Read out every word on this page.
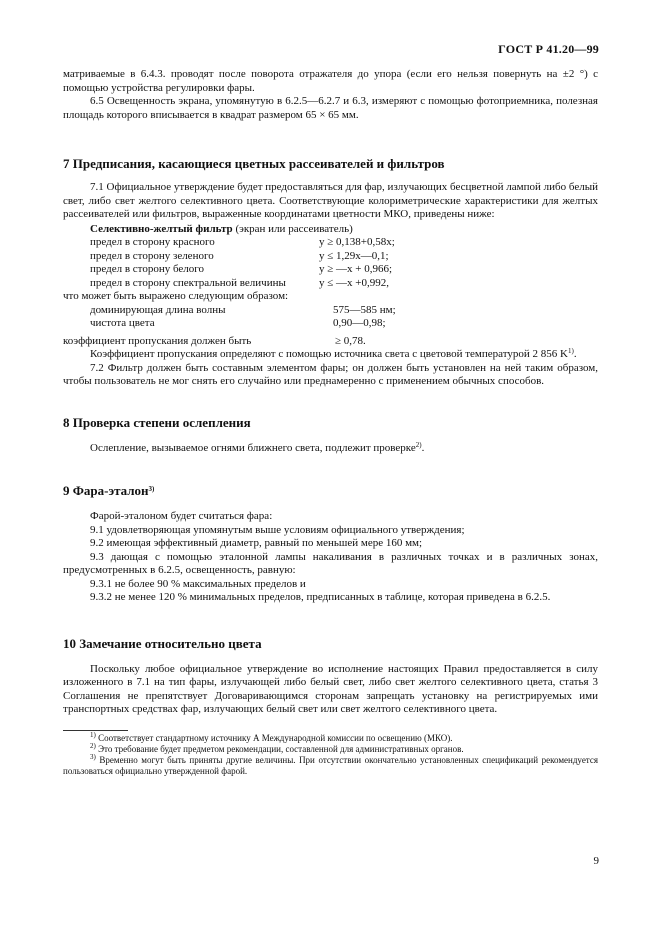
ГОСТ Р 41.20—99

матриваемые в 6.4.3. проводят после поворота отражателя до упора (если его нельзя повернуть на ±2 °) с помощью устройства регулировки фары.

6.5 Освещенность экрана, упомянутую в 6.2.5—6.2.7 и 6.3, измеряют с помощью фотоприемника, полезная площадь которого вписывается в квадрат размером 65 × 65 мм.

7 Предписания, касающиеся цветных рассеивателей и фильтров

7.1 Официальное утверждение будет предоставляться для фар, излучающих бесцветной лампой либо белый свет, либо свет желтого селективного цвета. Соответствующие колориметрические характеристики для желтых рассеивателей или фильтров, выраженные координатами цветности МКО, приведены ниже:

Селективно-желтый фильтр (экран или рассеиватель)
предел в сторону красного	y ≥ 0,138+0,58x;
предел в сторону зеленого	y ≤ 1,29x—0,1;
предел в сторону белого	y ≥ —x + 0,966;
предел в сторону спектральной величины	y ≤ —x +0,992,

что может быть выражено следующим образом:

доминирующая длина волны	575—585 нм;
чистота цвета	0,90—0,98;
коэффициент пропускания должен быть	≥ 0,78.

Коэффициент пропускания определяют с помощью источника света с цветовой температурой 2 856 $K^{1)}$.

7.2 Фильтр должен быть составным элементом фары; он должен быть установлен на ней таким образом, чтобы пользователь не мог снять его случайно или преднамеренно с применением обычных способов.

8 Проверка степени ослепления

Ослепление, вызываемое огнями ближнего света, подлежит проверке$^{2)}$.

9 Фара-эталон$^{3)}$

Фарой-эталоном будет считаться фара:

9.1 удовлетворяющая упомянутым выше условиям официального утверждения;

9.2 имеющая эффективный диаметр, равный по меньшей мере 160 мм;

9.3 дающая с помощью эталонной лампы накаливания в различных точках и в различных зонах, предусмотренных в 6.2.5, освещенность, равную:

9.3.1 не более 90 % максимальных пределов и

9.3.2 не менее 120 % минимальных пределов, предписанных в таблице, которая приведена в 6.2.5.

10 Замечание относительно цвета

Поскольку любое официальное утверждение во исполнение настоящих Правил предоставляется в силу изложенного в 7.1 на тип фары, излучающей либо белый свет, либо свет желтого селективного цвета, статья 3 Соглашения не препятствует Договаривающимся сторонам запрещать установку на регистрируемых ими транспортных средствах фар, излучающих белый свет или свет желтого селективного цвета.

$^{1)}$ Соответствует стандартному источнику А Международной комиссии по освещению (МКО).

$^{2)}$ Это требование будет предметом рекомендации, составленной для административных органов.

$^{3)}$ Временно могут быть приняты другие величины. При отсутствии окончательно установленных спецификаций рекомендуется пользоваться официально утвержденной фарой.

9
